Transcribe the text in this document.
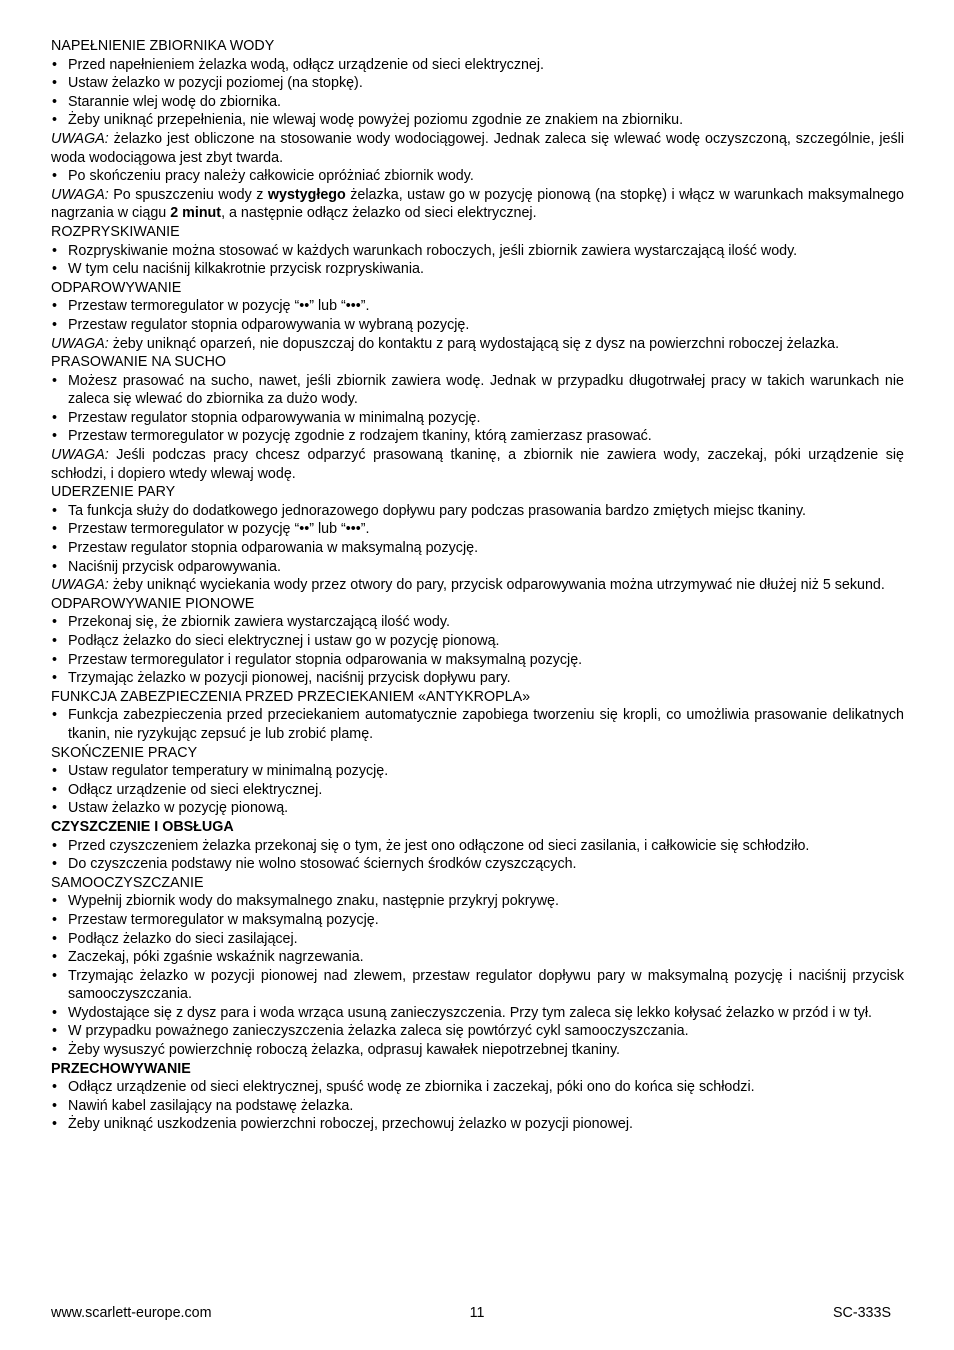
NAPEŁNIENIE ZBIORNIKA WODY
• Przed napełnieniem żelazka wodą, odłącz urządzenie od sieci elektrycznej.
• Ustaw żelazko w pozycji poziomej (na stopkę).
• Starannie wlej wodę do zbiornika.
• Żeby uniknąć przepełnienia, nie wlewaj wodę powyżej poziomu zgodnie ze znakiem na zbiorniku.

UWAGA: żelazko jest obliczone na stosowanie wody wodociągowej. Jednak zaleca się wlewać wodę oczyszczoną, szczególnie, jeśli woda wodociągowa jest zbyt twarda.

• Po skończeniu pracy należy całkowicie opróżniać zbiornik wody.

UWAGA: Po spuszczeniu wody z wystygłego żelazka, ustaw go w pozycję pionową (na stopkę) i włącz w warunkach maksymalnego nagrzania w ciągu 2 minut, a następnie odłącz żelazko od sieci elektrycznej.

ROZPRYSKIWANIE
• Rozpryskiwanie można stosować w każdych warunkach roboczych, jeśli zbiornik zawiera wystarczającą ilość wody.
• W tym celu naciśnij kilkakrotnie przycisk rozpryskiwania.
ODPAROWYWANIE
• Przestaw termoregulator w pozycję “••” lub “•••”.
• Przestaw regulator stopnia odparowywania w wybraną pozycję.

UWAGA: żeby uniknąć oparzeń, nie dopuszczaj do kontaktu z parą wydostającą się z dysz na powierzchni roboczej żelazka.

PRASOWANIE NA SUCHO
• Możesz prasować na sucho, nawet, jeśli zbiornik zawiera wodę. Jednak w przypadku długotrwałej pracy w takich warunkach nie zaleca się wlewać do zbiornika za dużo wody.
• Przestaw regulator stopnia odparowywania w minimalną pozycję.
• Przestaw termoregulator w pozycję zgodnie z rodzajem tkaniny, którą zamierzasz prasować.

UWAGA: Jeśli podczas pracy chcesz odparzyć prasowaną tkaninę, a zbiornik nie zawiera wody, zaczekaj, póki urządzenie się schłodzi, i dopiero wtedy wlewaj wodę.

UDERZENIE PARY
• Ta funkcja służy do dodatkowego jednorazowego dopływu pary podczas prasowania bardzo zmiętych miejsc tkaniny.
• Przestaw termoregulator w pozycję “••” lub “•••”.
• Przestaw regulator stopnia odparowania w maksymalną pozycję.
• Naciśnij przycisk odparowywania.

UWAGA: żeby uniknąć wyciekania wody przez otwory do pary, przycisk odparowywania można utrzymywać nie dłużej niż 5 sekund.

ODPAROWYWANIE PIONOWE
• Przekonaj się, że zbiornik zawiera wystarczającą ilość wody.
• Podłącz żelazko do sieci elektrycznej i ustaw go w pozycję pionową.
• Przestaw termoregulator i regulator stopnia odparowania w maksymalną pozycję.
• Trzymając żelazko w pozycji pionowej, naciśnij przycisk dopływu pary.
FUNKCJA ZABEZPIECZENIA PRZED PRZECIEKANIEM «ANTYKROPLA»
• Funkcja zabezpieczenia przed przeciekaniem automatycznie zapobiega tworzeniu się kropli, co umożliwia prasowanie delikatnych tkanin, nie ryzykując zepsuć je lub zrobić plamę.
SKOŃCZENIE PRACY
• Ustaw regulator temperatury w minimalną pozycję.
• Odłącz urządzenie od sieci elektrycznej.
• Ustaw żelazko w pozycję pionową.
CZYSZCZENIE I OBSŁUGA
• Przed czyszczeniem żelazka przekonaj się o tym, że jest ono odłączone od sieci zasilania, i całkowicie się schłodziło.
• Do czyszczenia podstawy nie wolno stosować ściernych środków czyszczących.
SAMOOCZYSZCZANIE
• Wypełnij zbiornik wody do maksymalnego znaku, następnie przykryj pokrywę.
• Przestaw termoregulator w maksymalną pozycję.
• Podłącz żelazko do sieci zasilającej.
• Zaczekaj, póki zgaśnie wskaźnik nagrzewania.
• Trzymając żelazko w pozycji pionowej nad zlewem, przestaw regulator dopływu pary w maksymalną pozycję i naciśnij przycisk samooczyszczania.
• Wydostające się z dysz para i woda wrząca usuną zanieczyszczenia. Przy tym zaleca się lekko kołysać żelazko w przód i w tył.
• W przypadku poważnego zanieczyszczenia żelazka zaleca się powtórzyć cykl samooczyszczania.
• Żeby wysuszyć powierzchnię roboczą żelazka, odprasuj kawałek niepotrzebnej tkaniny.
PRZECHOWYWANIE
• Odłącz urządzenie od sieci elektrycznej, spuść wodę ze zbiornika i zaczekaj, póki ono do końca się schłodzi.
• Nawiń kabel zasilający na podstawę żelazka.
• Żeby uniknąć uszkodzenia powierzchni roboczej, przechowuj żelazko w pozycji pionowej.
www.scarlett-europe.com	11	SC-333S
